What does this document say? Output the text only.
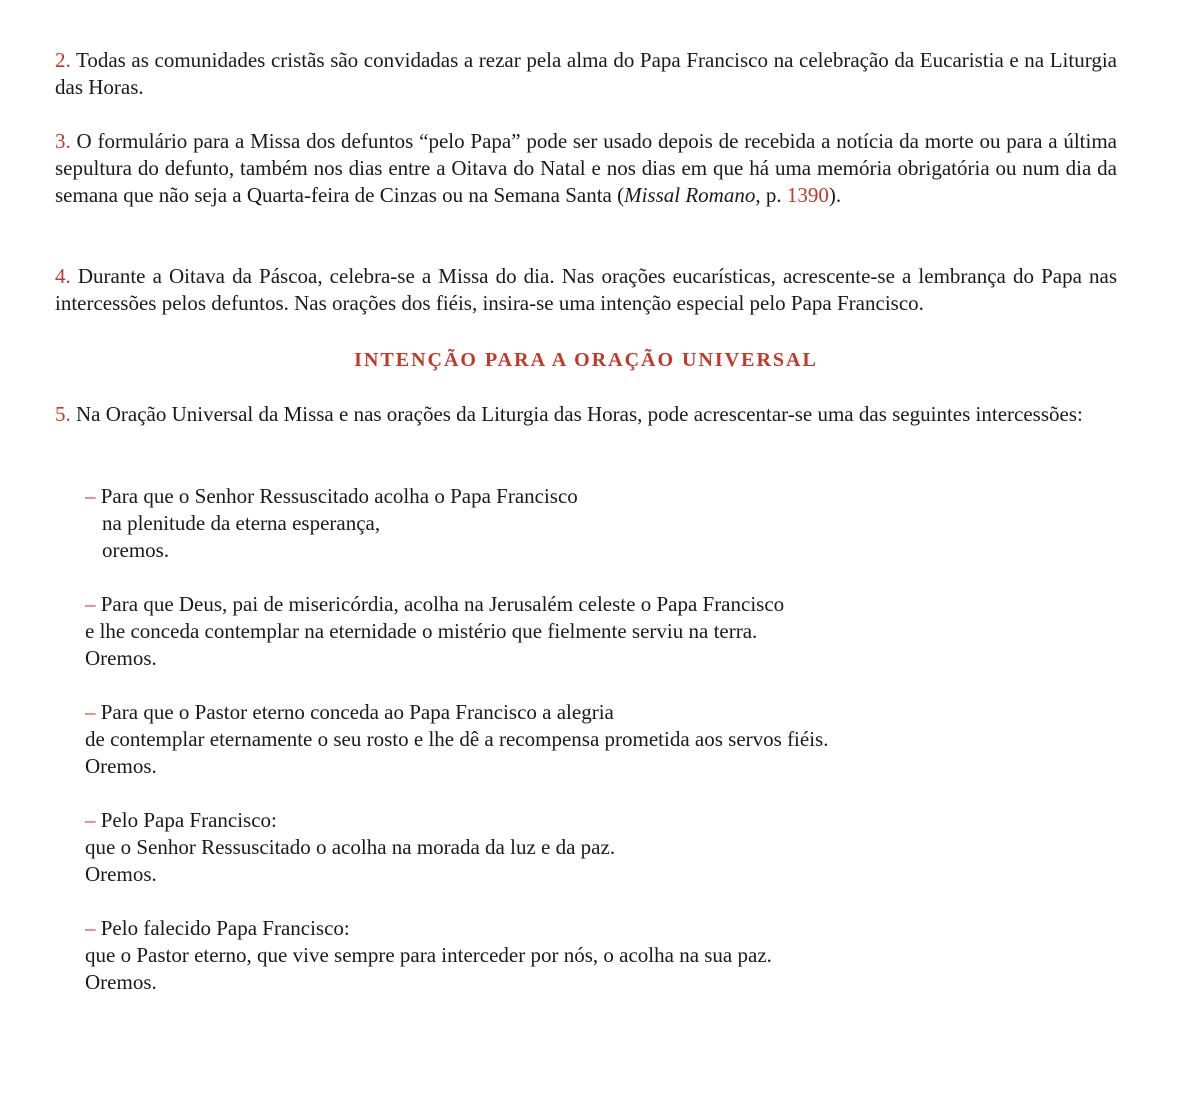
2. Todas as comunidades cristãs são convidadas a rezar pela alma do Papa Francisco na celebração da Eucaristia e na Liturgia das Horas.

3. O formulário para a Missa dos defuntos “pelo Papa” pode ser usado depois de recebida a notícia da morte ou para a última sepultura do defunto, também nos dias entre a Oitava do Natal e nos dias em que há uma memória obrigatória ou num dia da semana que não seja a Quarta-feira de Cinzas ou na Semana Santa (Missal Romano, p. 1390).

4. Durante a Oitava da Páscoa, celebra-se a Missa do dia. Nas orações eucarísticas, acrescente-se a lembrança do Papa nas intercessões pelos defuntos. Nas orações dos fiéis, insira-se uma intenção especial pelo Papa Francisco.

INTENÇÃO PARA A ORAÇÃO UNIVERSAL

5. Na Oração Universal da Missa e nas orações da Liturgia das Horas, pode acrescentar-se uma das seguintes intercessões:

– Para que o Senhor Ressuscitado acolha o Papa Francisco
na plenitude da eterna esperança,
oremos.

– Para que Deus, pai de misericórdia, acolha na Jerusalém celeste o Papa Francisco
e lhe conceda contemplar na eternidade o mistério que fielmente serviu na terra.
Oremos.

– Para que o Pastor eterno conceda ao Papa Francisco a alegria
de contemplar eternamente o seu rosto e lhe dê a recompensa prometida aos servos fiéis.
Oremos.

– Pelo Papa Francisco:
que o Senhor Ressuscitado o acolha na morada da luz e da paz.
Oremos.

– Pelo falecido Papa Francisco:
que o Pastor eterno, que vive sempre para interceder por nós, o acolha na sua paz.
Oremos.
